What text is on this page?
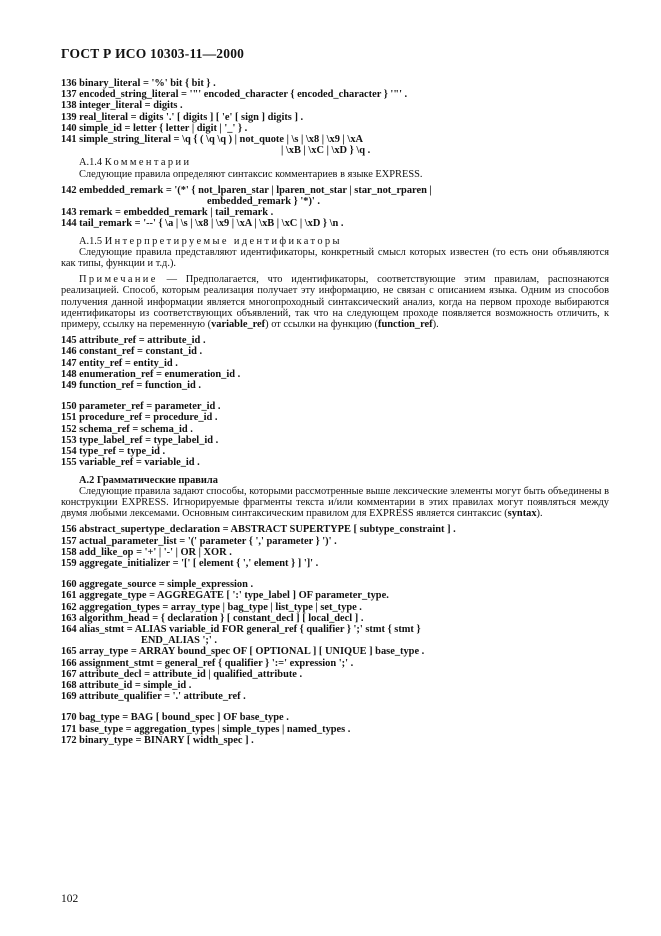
ГОСТ Р ИСО 10303-11—2000
136 binary_literal = '%' bit { bit } .
137 encoded_string_literal = '"' encoded_character { encoded_character } '"' .
138 integer_literal = digits .
139 real_literal = digits '.' [ digits ] [ 'e' [ sign ] digits ] .
140 simple_id = letter { letter | digit | '_' } .
141 simple_string_literal = \q { ( \q \q ) | not_quote | \s | \x8 | \x9 | \xA
| \xB | \xC | \xD } \q .
А.1.4 Комментарии
Следующие правила определяют синтаксис комментариев в языке EXPRESS.
142 embedded_remark = '(*' { not_lparen_star | lparen_not_star | star_not_rparen |
embedded_remark } '*)' .
143 remark = embedded_remark | tail_remark .
144 tail_remark = '--' { \a | \s | \x8 | \x9 | \xA | \xB | \xC | \xD } \n .
А.1.5 Интерпретируемые идентификаторы
Следующие правила представляют идентификаторы, конкретный смысл которых известен (то есть они объявляются как типы, функции и т.д.).
Примечание — Предполагается, что идентификаторы, соответствующие этим правилам, распознаются реализацией. Способ, которым реализация получает эту информацию, не связан с описанием языка. Одним из способов получения данной информации является многопроходный синтаксический анализ, когда на первом проходе выбираются идентификаторы из соответствующих объявлений, так что на следующем проходе появляется возможность отличить, к примеру, ссылку на переменную (variable_ref) от ссылки на функцию (function_ref).
145 attribute_ref = attribute_id .
146 constant_ref = constant_id .
147 entity_ref = entity_id .
148 enumeration_ref = enumeration_id .
149 function_ref = function_id .
150 parameter_ref = parameter_id .
151 procedure_ref = procedure_id .
152 schema_ref = schema_id .
153 type_label_ref = type_label_id .
154 type_ref = type_id .
155 variable_ref = variable_id .
А.2 Грамматические правила
Следующие правила задают способы, которыми рассмотренные выше лексические элементы могут быть объединены в конструкции EXPRESS. Игнорируемые фрагменты текста и/или комментарии в этих правилах могут появляться между двумя любыми лексемами. Основным синтаксическим правилом для EXPRESS является синтаксис (syntax).
156 abstract_supertype_declaration = ABSTRACT SUPERTYPE [ subtype_constraint ] .
157 actual_parameter_list = '(' parameter { ',' parameter } ')' .
158 add_like_op = '+' | '-' | OR | XOR .
159 aggregate_initializer = '[' [ element { ',' element } ] ']' .
160 aggregate_source = simple_expression .
161 aggregate_type = AGGREGATE [ ':' type_label ] OF parameter_type.
162 aggregation_types = array_type | bag_type | list_type | set_type .
163 algorithm_head = { declaration } [ constant_decl ] [ local_decl ] .
164 alias_stmt = ALIAS variable_id FOR general_ref { qualifier } ';' stmt { stmt }
END_ALIAS ';' .
165 array_type = ARRAY bound_spec OF [ OPTIONAL ] [ UNIQUE ] base_type .
166 assignment_stmt = general_ref { qualifier } ':=' expression ';' .
167 attribute_decl = attribute_id | qualified_attribute .
168 attribute_id = simple_id .
169 attribute_qualifier = '.' attribute_ref .
170 bag_type = BAG [ bound_spec ] OF base_type .
171 base_type = aggregation_types | simple_types | named_types .
172 binary_type = BINARY [ width_spec ] .
102
